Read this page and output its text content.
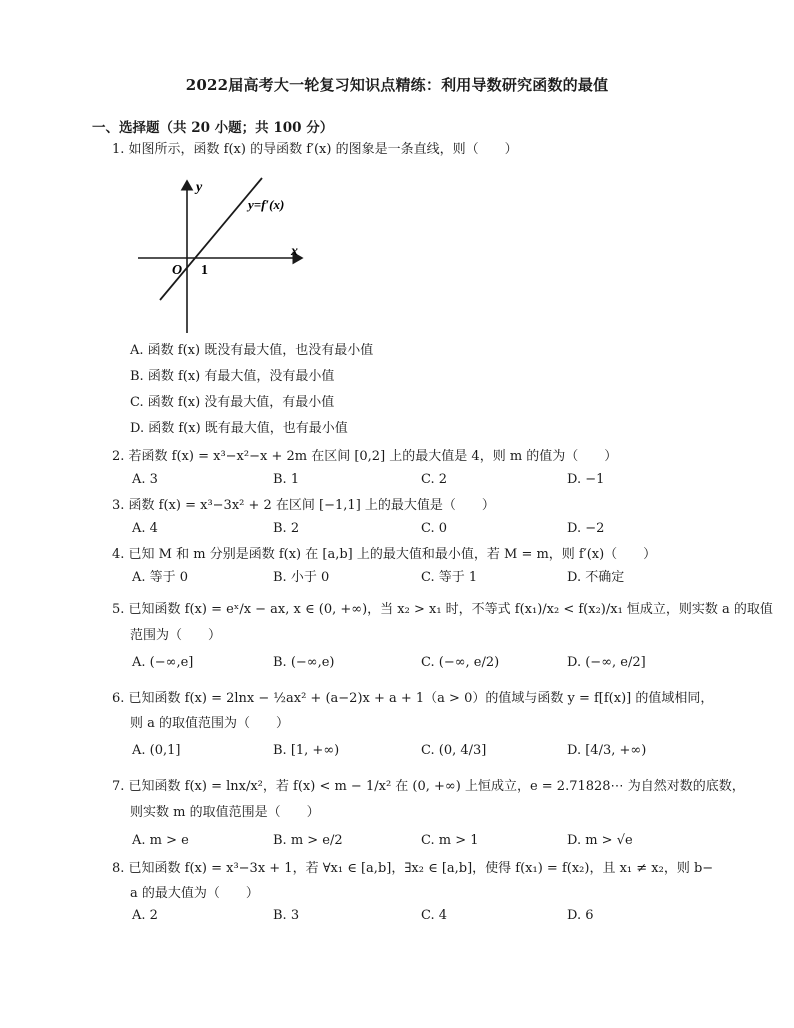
2022届高考大一轮复习知识点精练：利用导数研究函数的最值
一、选择题（共 20 小题；共 100 分）
1. 如图所示，函数 f(x) 的导函数 f′(x) 的图象是一条直线，则（　　）
y
x
O 1
y=f′(x)
A. 函数 f(x) 既没有最大值，也没有最小值
B. 函数 f(x) 有最大值，没有最小值
C. 函数 f(x) 没有最大值，有最小值
D. 函数 f(x) 既有最大值，也有最小值
2. 若函数 f(x) = x³−x²−x + 2m 在区间 [0,2] 上的最大值是 4，则 m 的值为（　　）
A. 3	B. 1	C. 2	D. −1
3. 函数 f(x) = x³−3x² + 2 在区间 [−1,1] 上的最大值是（　　）
A. 4	B. 2	C. 0	D. −2
4. 已知 M 和 m 分别是函数 f(x) 在 [a,b] 上的最大值和最小值，若 M = m，则 f′(x)（　　）
A. 等于 0	B. 小于 0	C. 等于 1	D. 不确定
5. 已知函数 f(x) = eˣ/x − ax, x ∈ (0, +∞)，当 x₂ > x₁ 时，不等式 f(x₁)/x₂ < f(x₂)/x₁ 恒成立，则实数 a 的取值
范围为（　　）
A. (−∞,e]	B. (−∞,e)	C. (−∞, e/2)	D. (−∞, e/2]
6. 已知函数 f(x) = 2lnx − ½ax² + (a−2)x + a + 1（a > 0）的值域与函数 y = f[f(x)] 的值域相同，
则 a 的取值范围为（　　）
A. (0,1]	B. [1, +∞)	C. (0, 4/3]	D. [4/3, +∞)
7. 已知函数 f(x) = lnx/x²，若 f(x) < m − 1/x² 在 (0, +∞) 上恒成立，e = 2.71828⋯ 为自然对数的底数，
则实数 m 的取值范围是（　　）
A. m > e	B. m > e/2	C. m > 1	D. m > √e
8. 已知函数 f(x) = x³−3x + 1，若 ∀x₁ ∈ [a,b]，∃x₂ ∈ [a,b]，使得 f(x₁) = f(x₂)，且 x₁ ≠ x₂，则 b−
a 的最大值为（　　）
A. 2	B. 3	C. 4	D. 6
